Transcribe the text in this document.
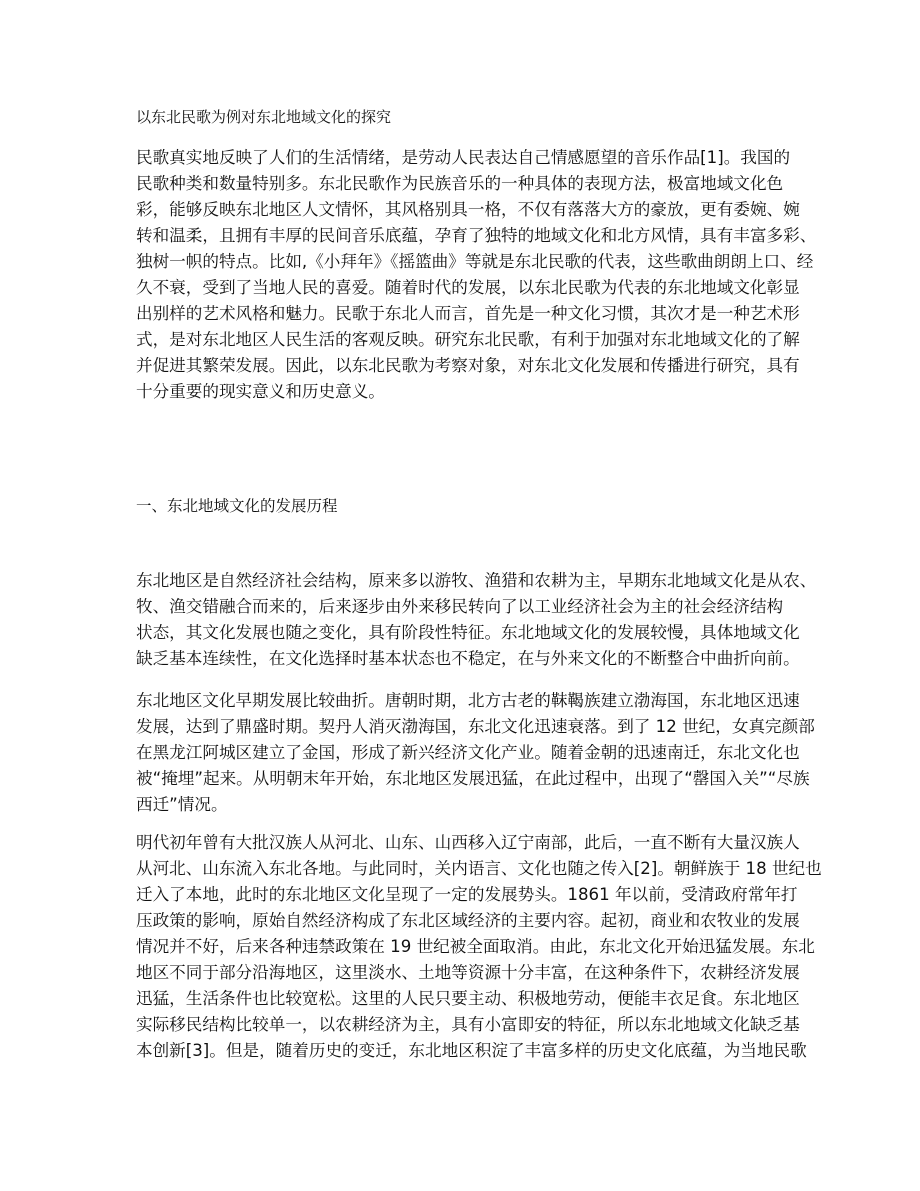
以东北民歌为例对东北地域文化的探究
民歌真实地反映了人们的生活情绪，是劳动人民表达自己情感愿望的音乐作品[1]。我国的
民歌种类和数量特别多。东北民歌作为民族音乐的一种具体的表现方法，极富地域文化色
彩，能够反映东北地区人文情怀，其风格别具一格，不仅有落落大方的豪放，更有委婉、婉
转和温柔，且拥有丰厚的民间音乐底蕴，孕育了独特的地域文化和北方风情，具有丰富多彩、
独树一帜的特点。比如,《小拜年》《摇篮曲》等就是东北民歌的代表，这些歌曲朗朗上口、经
久不衰，受到了当地人民的喜爱。随着时代的发展，以东北民歌为代表的东北地域文化彰显
出别样的艺术风格和魅力。民歌于东北人而言，首先是一种文化习惯，其次才是一种艺术形
式，是对东北地区人民生活的客观反映。研究东北民歌，有利于加强对东北地域文化的了解
并促进其繁荣发展。因此，以东北民歌为考察对象，对东北文化发展和传播进行研究，具有
十分重要的现实意义和历史意义。
一、东北地域文化的发展历程
东北地区是自然经济社会结构，原来多以游牧、渔猎和农耕为主，早期东北地域文化是从农、
牧、渔交错融合而来的，后来逐步由外来移民转向了以工业经济社会为主的社会经济结构
状态，其文化发展也随之变化，具有阶段性特征。东北地域文化的发展较慢，具体地域文化
缺乏基本连续性，在文化选择时基本状态也不稳定，在与外来文化的不断整合中曲折向前。
东北地区文化早期发展比较曲折。唐朝时期，北方古老的靺鞨族建立渤海国，东北地区迅速
发展，达到了鼎盛时期。契丹人消灭渤海国，东北文化迅速衰落。到了 12 世纪，女真完颜部
在黑龙江阿城区建立了金国，形成了新兴经济文化产业。随着金朝的迅速南迁，东北文化也
被“掩埋”起来。从明朝末年开始，东北地区发展迅猛，在此过程中，出现了“罄国入关”“尽族
西迁”情况。
明代初年曾有大批汉族人从河北、山东、山西移入辽宁南部，此后，一直不断有大量汉族人
从河北、山东流入东北各地。与此同时，关内语言、文化也随之传入[2]。朝鲜族于 18 世纪也
迁入了本地，此时的东北地区文化呈现了一定的发展势头。1861 年以前，受清政府常年打
压政策的影响，原始自然经济构成了东北区域经济的主要内容。起初，商业和农牧业的发展
情况并不好，后来各种违禁政策在 19 世纪被全面取消。由此，东北文化开始迅猛发展。东北
地区不同于部分沿海地区，这里淡水、土地等资源十分丰富，在这种条件下，农耕经济发展
迅猛，生活条件也比较宽松。这里的人民只要主动、积极地劳动，便能丰衣足食。东北地区
实际移民结构比较单一，以农耕经济为主，具有小富即安的特征，所以东北地域文化缺乏基
本创新[3]。但是，随着历史的变迁，东北地区积淀了丰富多样的历史文化底蕴，为当地民歌
